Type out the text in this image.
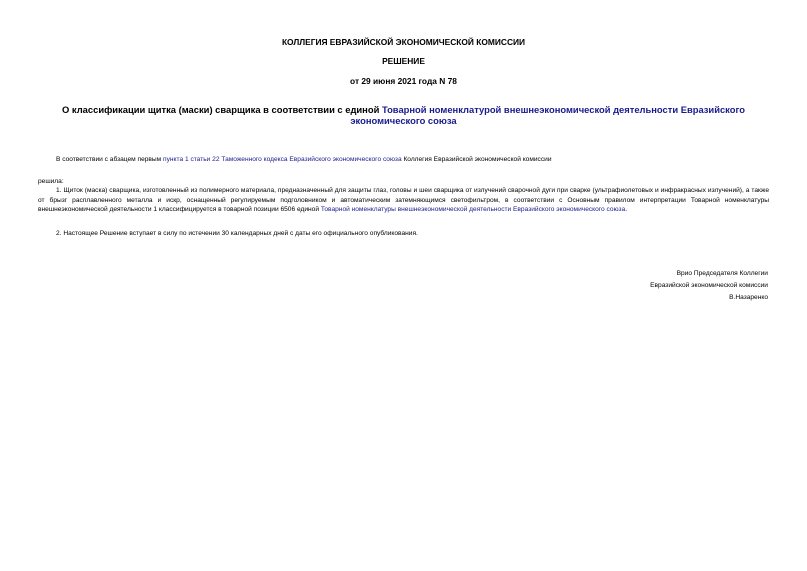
КОЛЛЕГИЯ ЕВРАЗИЙСКОЙ ЭКОНОМИЧЕСКОЙ КОМИССИИ
РЕШЕНИЕ
от 29 июня 2021 года N 78
О классификации щитка (маски) сварщика в соответствии с единой Товарной номенклатурой внешнеэкономической деятельности Евразийского экономического союза
В соответствии с абзацем первым пункта 1 статьи 22 Таможенного кодекса Евразийского экономического союза Коллегия Евразийской экономической комиссии
решила:
1. Щиток (маска) сварщика, изготовленный из полимерного материала, предназначенный для защиты глаз, головы и шеи сварщика от излучений сварочной дуги при сварке (ультрафиолетовых и инфракрасных излучений), а также от брызг расплавленного металла и искр, оснащенный регулируемым подголовником и автоматическим затемняющимся светофильтром, в соответствии с Основным правилом интерпретации Товарной номенклатуры внешнеэкономической деятельности 1 классифицируется в товарной позиции 6506 единой Товарной номенклатуры внешнеэкономической деятельности Евразийского экономического союза.
2. Настоящее Решение вступает в силу по истечении 30 календарных дней с даты его официального опубликования.
Врио Председателя Коллегии
Евразийской экономической комиссии
В.Назаренко
